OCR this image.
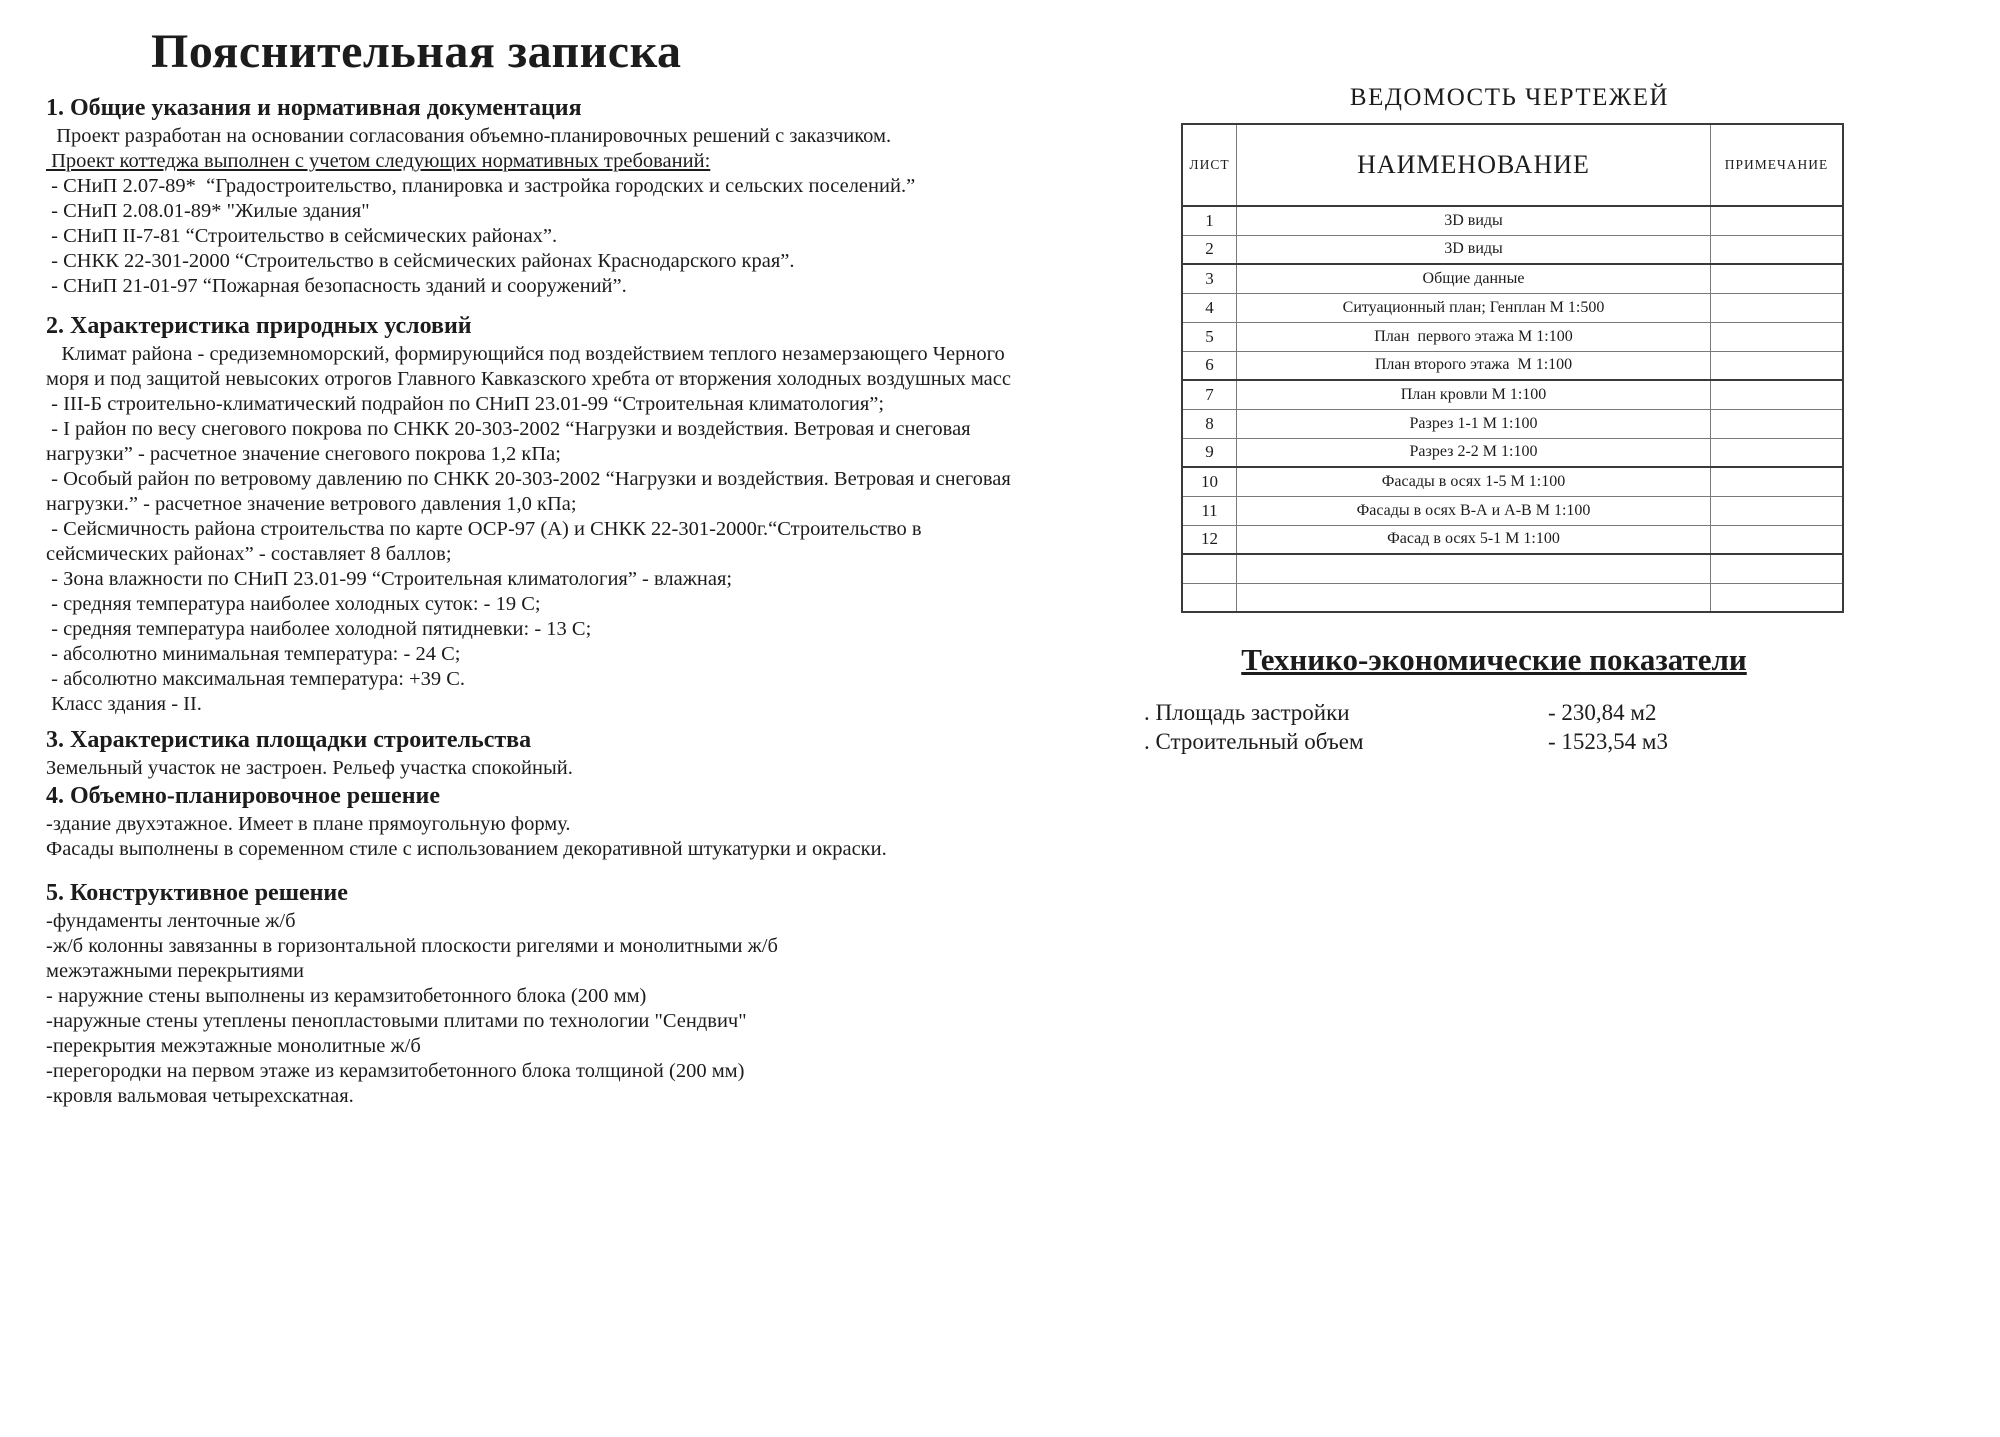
Пояснительная записка
1. Общие указания и нормативная документация
Проект разработан на основании согласования объемно-планировочных решений с заказчиком.
Проект коттеджа выполнен с учетом следующих нормативных требований:
- СНиП 2.07-89*  “Градостроительство, планировка и застройка городских и сельских поселений.”
- СНиП 2.08.01-89* "Жилые здания"
- СНиП II-7-81 “Строительство в сейсмических районах”.
- СНКК 22-301-2000 “Строительство в сейсмических районах Краснодарского края”.
- СНиП 21-01-97 “Пожарная безопасность зданий и сооружений”.
2. Характеристика природных условий
Климат района - средиземноморский, формирующийся под воздействием теплого незамерзающего Черного
моря и под защитой невысоких отрогов Главного Кавказского хребта от вторжения холодных воздушных масс
- III-Б строительно-климатический подрайон по СНиП 23.01-99 “Строительная климатология”;
- I район по весу снегового покрова по СНКК 20-303-2002 “Нагрузки и воздействия. Ветровая и снеговая
нагрузки” - расчетное значение снегового покрова 1,2 кПа;
- Особый район по ветровому давлению по СНКК 20-303-2002 “Нагрузки и воздействия. Ветровая и снеговая
нагрузки.” - расчетное значение ветрового давления 1,0 кПа;
- Сейсмичность района строительства по карте ОСР-97 (А) и СНКК 22-301-2000г.“Строительство в
сейсмических районах” - составляет 8 баллов;
- Зона влажности по СНиП 23.01-99 “Строительная климатология” - влажная;
- средняя температура наиболее холодных суток: - 19 С;
- средняя температура наиболее холодной пятидневки: - 13 С;
- абсолютно минимальная температура: - 24 С;
- абсолютно максимальная температура: +39 С.
Класс здания - II.
3. Характеристика площадки строительства
Земельный участок не застроен. Рельеф участка спокойный.
4. Объемно-планировочное решение
-здание двухэтажное. Имеет в плане прямоугольную форму.
Фасады выполнены в соременном стиле с использованием декоративной штукатурки и окраски.
5. Конструктивное решение
-фундаменты ленточные ж/б
-ж/б колонны завязанны в горизонтальной плоскости ригелями и монолитными ж/б
межэтажными перекрытиями
- наружние стены выполнены из керамзитобетонного блока (200 мм)
-наружные стены утеплены пенопластовыми плитами по технологии "Сендвич"
-перекрытия межэтажные монолитные ж/б
-перегородки на первом этаже из керамзитобетонного блока толщиной (200 мм)
-кровля вальмовая четырехскатная.
ВЕДОМОСТЬ ЧЕРТЕЖЕЙ
ЛИСТ	НАИМЕНОВАНИЕ	ПРИМЕЧАНИЕ
1	3D виды	
2	3D виды	
3	Общие данные	
4	Ситуационный план; Генплан М 1:500	
5	План  первого этажа М 1:100	
6	План второго этажа  М 1:100	
7	План кровли М 1:100	
8	Разрез 1-1 М 1:100	
9	Разрез 2-2 М 1:100	
10	Фасады в осях 1-5 М 1:100	
11	Фасады в осях В-А и А-В М 1:100	
12	Фасад в осях 5-1 М 1:100	

Технико-экономические показатели
. Площадь застройки	- 230,84 м2
. Строительный объем	- 1523,54 м3
